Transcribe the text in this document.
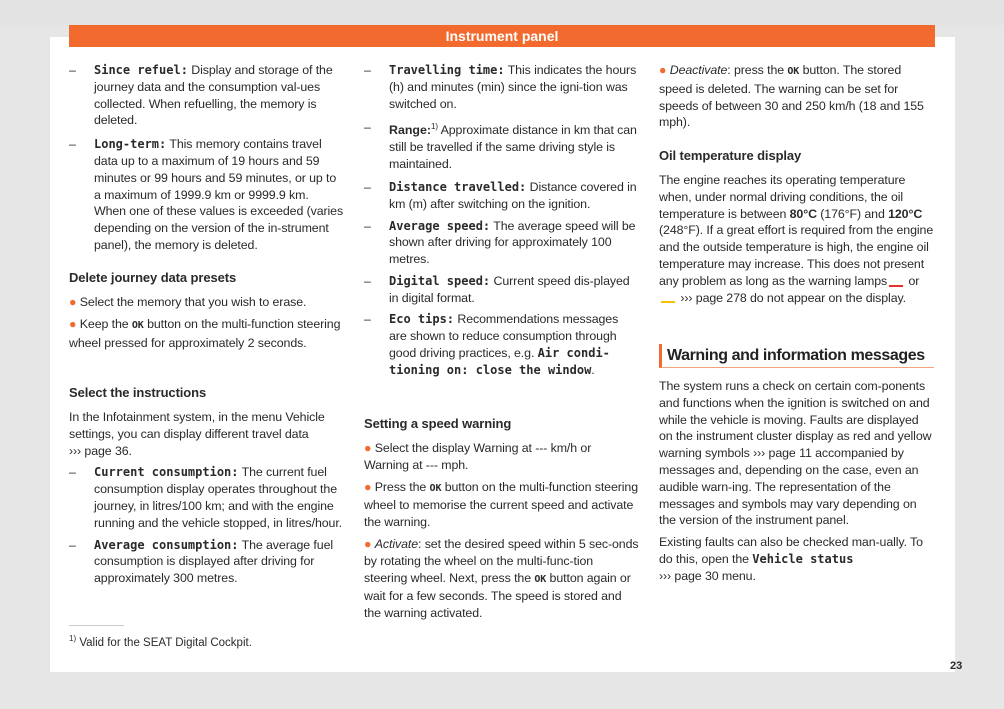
Instrument panel
– Since refuel: Display and storage of the journey data and the consumption val-ues collected. When refuelling, the memory is deleted.
– Long-term: This memory contains travel data up to a maximum of 19 hours and 59 minutes or 99 hours and 59 minutes, or up to a maximum of 1999.9 km or 9999.9 km. When one of these values is exceeded (varies depending on the version of the in-strument panel), the memory is deleted.
Delete journey data presets
● Select the memory that you wish to erase.
● Keep the OK button on the multi-function steering wheel pressed for approximately 2 seconds.
Select the instructions
In the Infotainment system, in the menu Vehicle settings, you can display different travel data
››› page 36.
– Current consumption: The current fuel consumption display operates throughout the journey, in litres/100 km; and with the engine running and the vehicle stopped, in litres/hour.
– Average consumption: The average fuel consumption is displayed after driving for approximately 300 metres.
$^{1)}$ Valid for the SEAT Digital Cockpit.
– Travelling time: This indicates the hours (h) and minutes (min) since the igni-tion was switched on.
– Range:$^{1)}$ Approximate distance in km that can still be travelled if the same driving style is maintained.
– Distance travelled: Distance covered in km (m) after switching on the ignition.
– Average speed: The average speed will be shown after driving for approximately 100 metres.
– Digital speed: Current speed dis-played in digital format.
– Eco tips: Recommendations messages are shown to reduce consumption through good driving practices, e.g. Air condi-tioning on: close the window.
Setting a speed warning
● Select the display Warning at --- km/h or Warning at --- mph.
● Press the OK button on the multi-function steering wheel to memorise the current speed and activate the warning.
● Activate: set the desired speed within 5 sec-onds by rotating the wheel on the multi-func-tion steering wheel. Next, press the OK button again or wait for a few seconds. The speed is stored and the warning activated.
● Deactivate: press the OK button. The stored speed is deleted. The warning can be set for speeds of between 30 and 250 km/h (18 and 155 mph).
Oil temperature display
The engine reaches its operating temperature when, under normal driving conditions, the oil temperature is between 80°C (176°F) and 120°C (248°F). If a great effort is required from the engine and the outside temperature is high, the engine oil temperature may increase. This does not present any problem as long as the warning lamps or  ››› page 278 do not appear on the display.
Warning and information messages
The system runs a check on certain com-ponents and functions when the ignition is switched on and while the vehicle is moving. Faults are displayed on the instrument cluster display as red and yellow warning symbols ››› page 11 accompanied by messages and, depending on the case, even an audible warn-ing. The representation of the messages and symbols may vary depending on the version of the instrument panel.
Existing faults can also be checked man-ually. To do this, open the Vehicle status
››› page 30 menu.
23
